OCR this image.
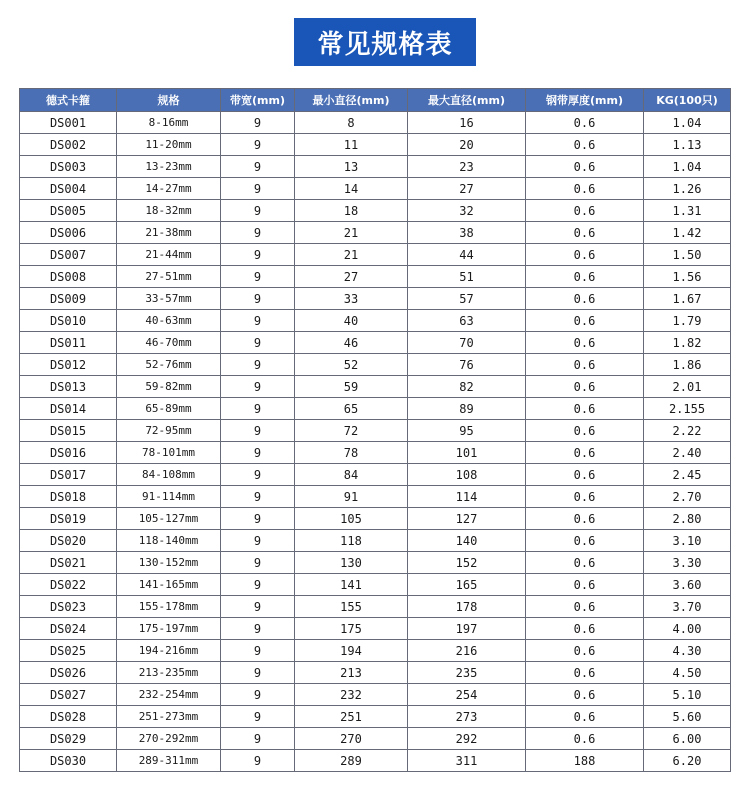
常见规格表
德式卡箍	规格	带宽(mm)	最小直径(mm)	最大直径(mm)	钢带厚度(mm)	KG(100只)
DS001	8-16mm	9	8	16	0.6	1.04
DS002	11-20mm	9	11	20	0.6	1.13
DS003	13-23mm	9	13	23	0.6	1.04
DS004	14-27mm	9	14	27	0.6	1.26
DS005	18-32mm	9	18	32	0.6	1.31
DS006	21-38mm	9	21	38	0.6	1.42
DS007	21-44mm	9	21	44	0.6	1.50
DS008	27-51mm	9	27	51	0.6	1.56
DS009	33-57mm	9	33	57	0.6	1.67
DS010	40-63mm	9	40	63	0.6	1.79
DS011	46-70mm	9	46	70	0.6	1.82
DS012	52-76mm	9	52	76	0.6	1.86
DS013	59-82mm	9	59	82	0.6	2.01
DS014	65-89mm	9	65	89	0.6	2.155
DS015	72-95mm	9	72	95	0.6	2.22
DS016	78-101mm	9	78	101	0.6	2.40
DS017	84-108mm	9	84	108	0.6	2.45
DS018	91-114mm	9	91	114	0.6	2.70
DS019	105-127mm	9	105	127	0.6	2.80
DS020	118-140mm	9	118	140	0.6	3.10
DS021	130-152mm	9	130	152	0.6	3.30
DS022	141-165mm	9	141	165	0.6	3.60
DS023	155-178mm	9	155	178	0.6	3.70
DS024	175-197mm	9	175	197	0.6	4.00
DS025	194-216mm	9	194	216	0.6	4.30
DS026	213-235mm	9	213	235	0.6	4.50
DS027	232-254mm	9	232	254	0.6	5.10
DS028	251-273mm	9	251	273	0.6	5.60
DS029	270-292mm	9	270	292	0.6	6.00
DS030	289-311mm	9	289	311	188	6.20
